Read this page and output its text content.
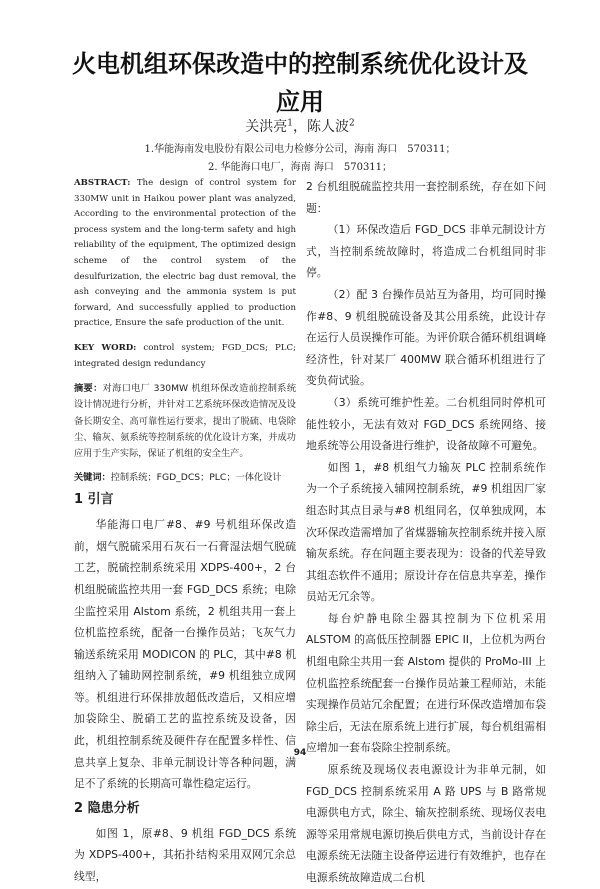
火电机组环保改造中的控制系统优化设计及
应用
关洪亮$^1$，陈人波$^2$
1.华能海南发电股份有限公司电力检修分公司，海南 海口　570311；
2. 华能海口电厂，海南 海口　570311；

ABSTRACT: The design of control system for 330MW unit in Haikou power plant was analyzed, According to the environmental protection of the process system and the long-term safety and high reliability of the equipment, The optimized design scheme of the control system of the desulfurization, the electric bag dust removal, the ash conveying and the ammonia system is put forward, And successfully applied to production practice, Ensure the safe production of the unit.

KEY WORD: control system; FGD_DCS; PLC; integrated design redundancy
摘要：对海口电厂 330MW 机组环保改造前控制系统设计情况进行分析，并针对工艺系统环保改造情况及设备长期安全、高可靠性运行要求，提出了脱硫、电袋除尘、输灰、氨系统等控制系统的优化设计方案，并成功应用于生产实际，保证了机组的安全生产。
关键词：控制系统；FGD_DCS；PLC；一体化设计
1 引言

华能海口电厂#8、#9 号机组环保改造前，烟气脱硫采用石灰石一石膏湿法烟气脱硫工艺，脱硫控制系统采用 XDPS-400+，2 台机组脱硫监控共用一套 FGD_DCS 系统；电除尘监控采用 Alstom 系统，2 机组共用一套上位机监控系统，配备一台操作员站；飞灰气力输送系统采用 MODICON 的 PLC，其中#8 机组纳入了辅助网控制系统，#9 机组独立成网等。机组进行环保排放超低改造后，又相应增加袋除尘、脱硝工艺的监控系统及设备，因此，机组控制系统及硬件存在配置多样性、信息共享上复杂、非单元制设计等各种问题，满足不了系统的长期高可靠性稳定运行。

2 隐患分析

如图 1，原#8、9 机组 FGD_DCS 系统为 XDPS-400+，其拓扑结构采用双网冗余总线型，

2 台机组脱硫监控共用一套控制系统，存在如下问题：

（1）环保改造后 FGD_DCS 非单元制设计方式，当控制系统故障时，将造成二台机组同时非停。

（2）配 3 台操作员站互为备用，均可同时操作#8、9 机组脱硫设备及其公用系统，此设计存在运行人员误操作可能。为评价联合循环机组调峰经济性，针对某厂 400MW 联合循环机组进行了变负荷试验。

（3）系统可维护性差。二台机组同时停机可能性较小，无法有效对 FGD_DCS 系统网络、接地系统等公用设备进行维护，设备故障不可避免。

如图 1，#8 机组气力输灰 PLC 控制系统作为一个子系统接入辅网控制系统，#9 机组因厂家组态时其点目录与#8 机组同名，仅单独成网，本次环保改造需增加了省煤器输灰控制系统并接入原输灰系统。存在问题主要表现为：设备的代差导致其组态软件不通用；原设计存在信息共享差，操作员站无冗余等。

每台炉静电除尘器其控制为下位机采用 ALSTOM 的高低压控制器 EPIC II，上位机为两台机组电除尘共用一套 Alstom 提供的 ProMo-III 上位机监控系统配套一台操作员站兼工程师站，未能实现操作员站冗余配置；在进行环保改造增加布袋除尘后，无法在原系统上进行扩展，每台机组需相应增加一套布袋除尘控制系统。

原系统及现场仪表电源设计为非单元制，如 FGD_DCS 控制系统采用 A 路 UPS 与 B 路常规电源供电方式，除尘、输灰控制系统、现场仪表电源等采用常规电源切换后供电方式，当前设计存在电源系统无法随主设备停运进行有效维护，也存在电源系统故障造成二台机

94
